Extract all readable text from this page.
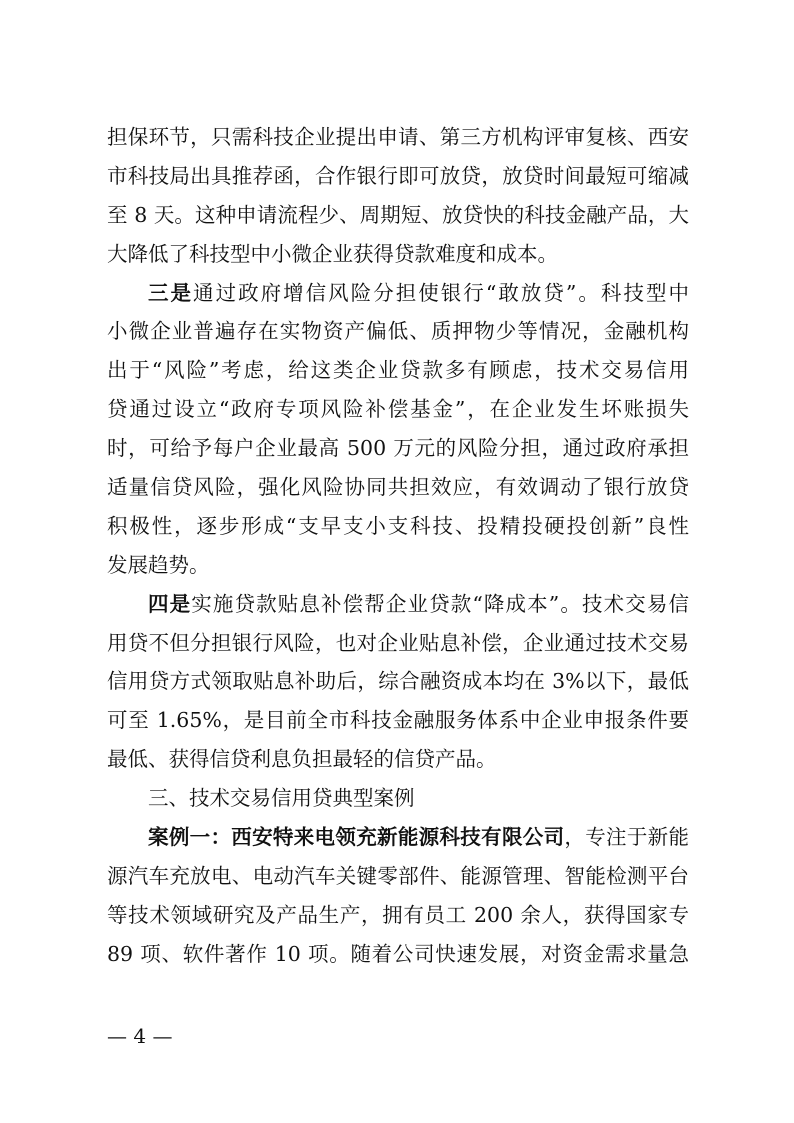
担保环节，只需科技企业提出申请、第三方机构评审复核、西安
市科技局出具推荐函，合作银行即可放贷，放贷时间最短可缩减
至 8 天。这种申请流程少、周期短、放贷快的科技金融产品，大
大降低了科技型中小微企业获得贷款难度和成本。
三是通过政府增信风险分担使银行“敢放贷”。科技型中
小微企业普遍存在实物资产偏低、质押物少等情况，金融机构
出于“风险”考虑，给这类企业贷款多有顾虑，技术交易信用
贷通过设立“政府专项风险补偿基金”，在企业发生坏账损失
时，可给予每户企业最高 500 万元的风险分担，通过政府承担
适量信贷风险，强化风险协同共担效应，有效调动了银行放贷
积极性，逐步形成“支早支小支科技、投精投硬投创新”良性
发展趋势。
四是实施贷款贴息补偿帮企业贷款“降成本”。技术交易信
用贷不但分担银行风险，也对企业贴息补偿，企业通过技术交易
信用贷方式领取贴息补助后，综合融资成本均在 3%以下，最低
可至 1.65%，是目前全市科技金融服务体系中企业申报条件要
最低、获得信贷利息负担最轻的信贷产品。
三、技术交易信用贷典型案例
案例一：西安特来电领充新能源科技有限公司，专注于新能
源汽车充放电、电动汽车关键零部件、能源管理、智能检测平台
等技术领域研究及产品生产，拥有员工 200 余人，获得国家专
89 项、软件著作 10 项。随着公司快速发展，对资金需求量急
— 4 —
